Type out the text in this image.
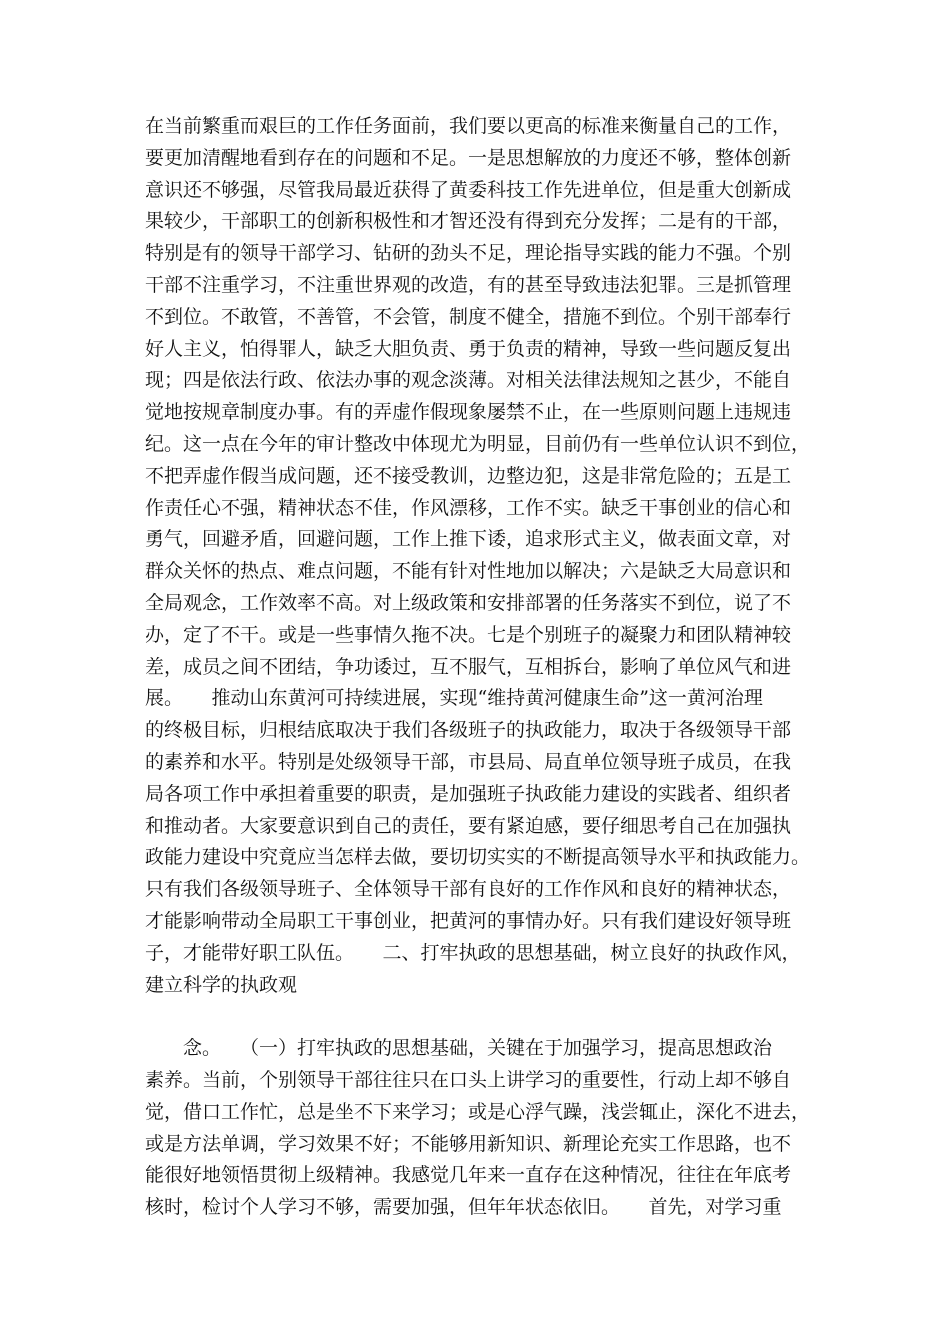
在当前繁重而艰巨的工作任务面前，我们要以更高的标准来衡量自己的工作，
要更加清醒地看到存在的问题和不足。一是思想解放的力度还不够，整体创新
意识还不够强，尽管我局最近获得了黄委科技工作先进单位，但是重大创新成
果较少，干部职工的创新积极性和才智还没有得到充分发挥；二是有的干部，
特别是有的领导干部学习、钻研的劲头不足，理论指导实践的能力不强。个别
干部不注重学习，不注重世界观的改造，有的甚至导致违法犯罪。三是抓管理
不到位。不敢管，不善管，不会管，制度不健全，措施不到位。个别干部奉行
好人主义，怕得罪人，缺乏大胆负责、勇于负责的精神，导致一些问题反复出
现；四是依法行政、依法办事的观念淡薄。对相关法律法规知之甚少，不能自
觉地按规章制度办事。有的弄虚作假现象屡禁不止，在一些原则问题上违规违
纪。这一点在今年的审计整改中体现尤为明显，目前仍有一些单位认识不到位，
不把弄虚作假当成问题，还不接受教训，边整边犯，这是非常危险的；五是工
作责任心不强，精神状态不佳，作风漂移，工作不实。缺乏干事创业的信心和
勇气，回避矛盾，回避问题，工作上推下诿，追求形式主义，做表面文章，对
群众关怀的热点、难点问题，不能有针对性地加以解决；六是缺乏大局意识和
全局观念，工作效率不高。对上级政策和安排部署的任务落实不到位，说了不
办，定了不干。或是一些事情久拖不决。七是个别班子的凝聚力和团队精神较
差，成员之间不团结，争功诿过，互不服气，互相拆台，影响了单位风气和进
展。　　推动山东黄河可持续进展，实现“维持黄河健康生命”这一黄河治理
的终极目标，归根结底取决于我们各级班子的执政能力，取决于各级领导干部
的素养和水平。特别是处级领导干部，市县局、局直单位领导班子成员，在我
局各项工作中承担着重要的职责，是加强班子执政能力建设的实践者、组织者
和推动者。大家要意识到自己的责任，要有紧迫感，要仔细思考自己在加强执
政能力建设中究竟应当怎样去做，要切切实实的不断提高领导水平和执政能力。
只有我们各级领导班子、全体领导干部有良好的工作作风和良好的精神状态，
才能影响带动全局职工干事创业，把黄河的事情办好。只有我们建设好领导班
子，才能带好职工队伍。　　二、打牢执政的思想基础，树立良好的执政作风，
建立科学的执政观
　　念。　　（一）打牢执政的思想基础，关键在于加强学习，提高思想政治
素养。当前，个别领导干部往往只在口头上讲学习的重要性，行动上却不够自
觉，借口工作忙，总是坐不下来学习；或是心浮气躁，浅尝辄止，深化不进去，
或是方法单调，学习效果不好；不能够用新知识、新理论充实工作思路，也不
能很好地领悟贯彻上级精神。我感觉几年来一直存在这种情况，往往在年底考
核时，检讨个人学习不够，需要加强，但年年状态依旧。　　首先，对学习重
